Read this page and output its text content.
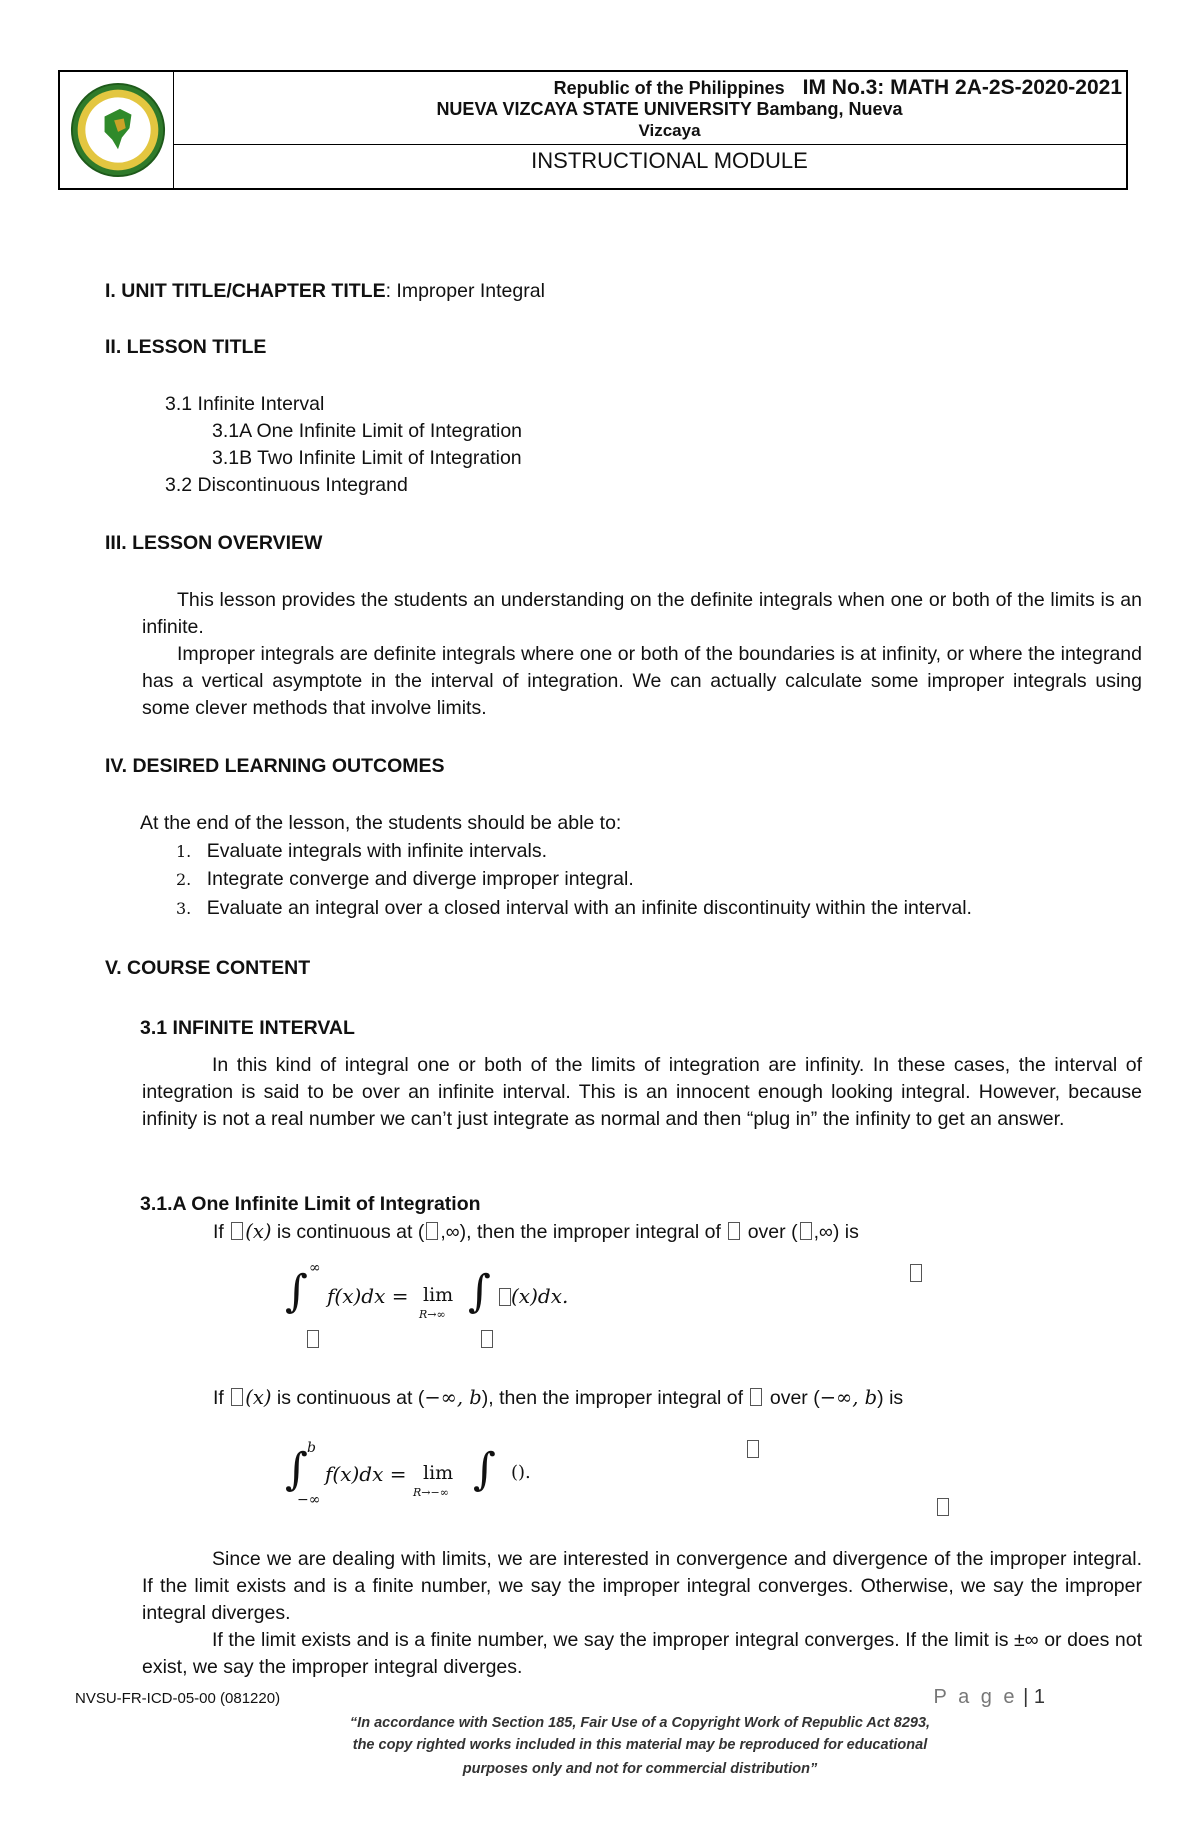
Republic of the Philippines IM No.3: MATH 2A-2S-2020-2021
NUEVA VIZCAYA STATE UNIVERSITY Bambang, Nueva
Vizcaya
INSTRUCTIONAL MODULE
I. UNIT TITLE/CHAPTER TITLE: Improper Integral
II. LESSON TITLE
3.1 Infinite Interval
3.1A One Infinite Limit of Integration
3.1B Two Infinite Limit of Integration
3.2 Discontinuous Integrand
III. LESSON OVERVIEW
This lesson provides the students an understanding on the definite integrals when one or both of the limits is an infinite.
Improper integrals are definite integrals where one or both of the boundaries is at infinity, or where the integrand has a vertical asymptote in the interval of integration. We can actually calculate some improper integrals using some clever methods that involve limits.
IV. DESIRED LEARNING OUTCOMES
At the end of the lesson, the students should be able to:
1. Evaluate integrals with infinite intervals.
2. Integrate converge and diverge improper integral.
3. Evaluate an integral over a closed interval with an infinite discontinuity within the interval.
V. COURSE CONTENT
3.1 INFINITE INTERVAL
In this kind of integral one or both of the limits of integration are infinity. In these cases, the interval of integration is said to be over an infinite interval. This is an innocent enough looking integral. However, because infinity is not a real number we can’t just integrate as normal and then “plug in” the infinity to get an answer.
3.1.A One Infinite Limit of Integration
If (x) is continuous at ( ,∞), then the improper integral of  over ( ,∞) is
∫ ∞
f(x)dx = lim
R→∞ ∫ (x)dx.
If (x) is continuous at (−∞, b), then the improper integral of  over (−∞, b) is
∫ b
−∞
f(x)dx = lim
R→−∞ ∫ ().
Since we are dealing with limits, we are interested in convergence and divergence of the improper integral. If the limit exists and is a finite number, we say the improper integral converges. Otherwise, we say the improper integral diverges.
If the limit exists and is a finite number, we say the improper integral converges. If the limit is ±∞ or does not exist, we say the improper integral diverges.
NVSU-FR-ICD-05-00 (081220)	P a g e | 1
“In accordance with Section 185, Fair Use of a Copyright Work of Republic Act 8293,
the copy righted works included in this material may be reproduced for educational
purposes only and not for commercial distribution”
